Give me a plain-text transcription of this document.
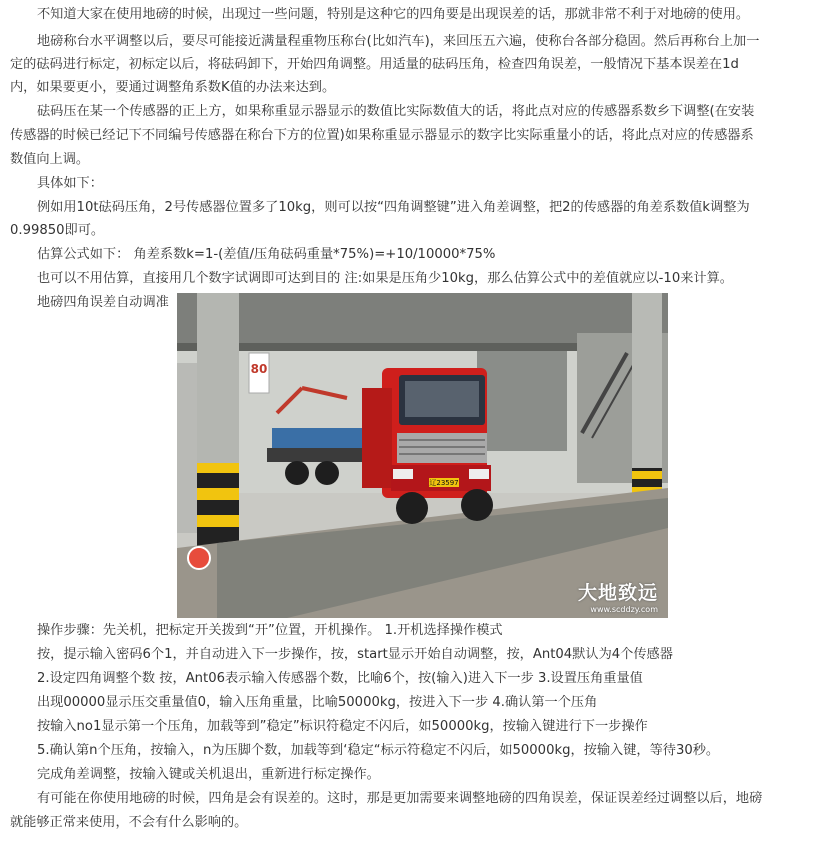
不知道大家在使用地磅的时候，出现过一些问题，特别是这种它的四角要是出现误差的话，那就非常不利于对地磅的使用。
地磅称台水平调整以后，要尽可能接近满量程重物压称台(比如汽车)，来回压五六遍，使称台各部分稳固。然后再称台上加一
定的砝码进行标定，初标定以后，将砝码卸下，开始四角调整。用适量的砝码压角，检查四角误差，一般情况下基本误差在1d
内，如果要更小，要通过调整角系数K值的办法来达到。
砝码压在某一个传感器的正上方，如果称重显示器显示的数值比实际数值大的话，将此点对应的传感器系数乡下调整(在安装
传感器的时候已经记下不同编号传感器在称台下方的位置)如果称重显示器显示的数字比实际重量小的话，将此点对应的传感器系
数值向上调。
具体如下：
例如用10t砝码压角，2号传感器位置多了10kg，则可以按“四角调整键”进入角差调整，把2的传感器的角差系数值k调整为
0.99850即可。
估算公式如下： 角差系数k=1-(差值/压角砝码重量*75%)=+10/10000*75%
也可以不用估算，直接用几个数字试调即可达到目的 注:如果是压角少10kg，那么估算公式中的差值就应以-10来计算。
地磅四角误差自动调准
80
辽23597
大地致远
www.scddzy.com
操作步骤：先关机，把标定开关拨到“开”位置，开机操作。 1.开机选择操作模式
按，提示输入密码6个1，并自动进入下一步操作，按，start显示开始自动调整，按，Ant04默认为4个传感器
2.设定四角调整个数 按，Ant06表示输入传感器个数，比喻6个，按(输入)进入下一步 3.设置压角重量值
出现00000显示压交重量值0，输入压角重量，比喻50000kg，按进入下一步 4.确认第一个压角
按输入no1显示第一个压角，加载等到”稳定”标识符稳定不闪后，如50000kg，按输入键进行下一步操作
5.确认第n个压角，按输入，n为压脚个数，加载等到‘稳定“标示符稳定不闪后，如50000kg，按输入键，等待30秒。
完成角差调整，按输入键或关机退出，重新进行标定操作。
有可能在你使用地磅的时候，四角是会有误差的。这时，那是更加需要来调整地磅的四角误差，保证误差经过调整以后，地磅
就能够正常来使用，不会有什么影响的。
